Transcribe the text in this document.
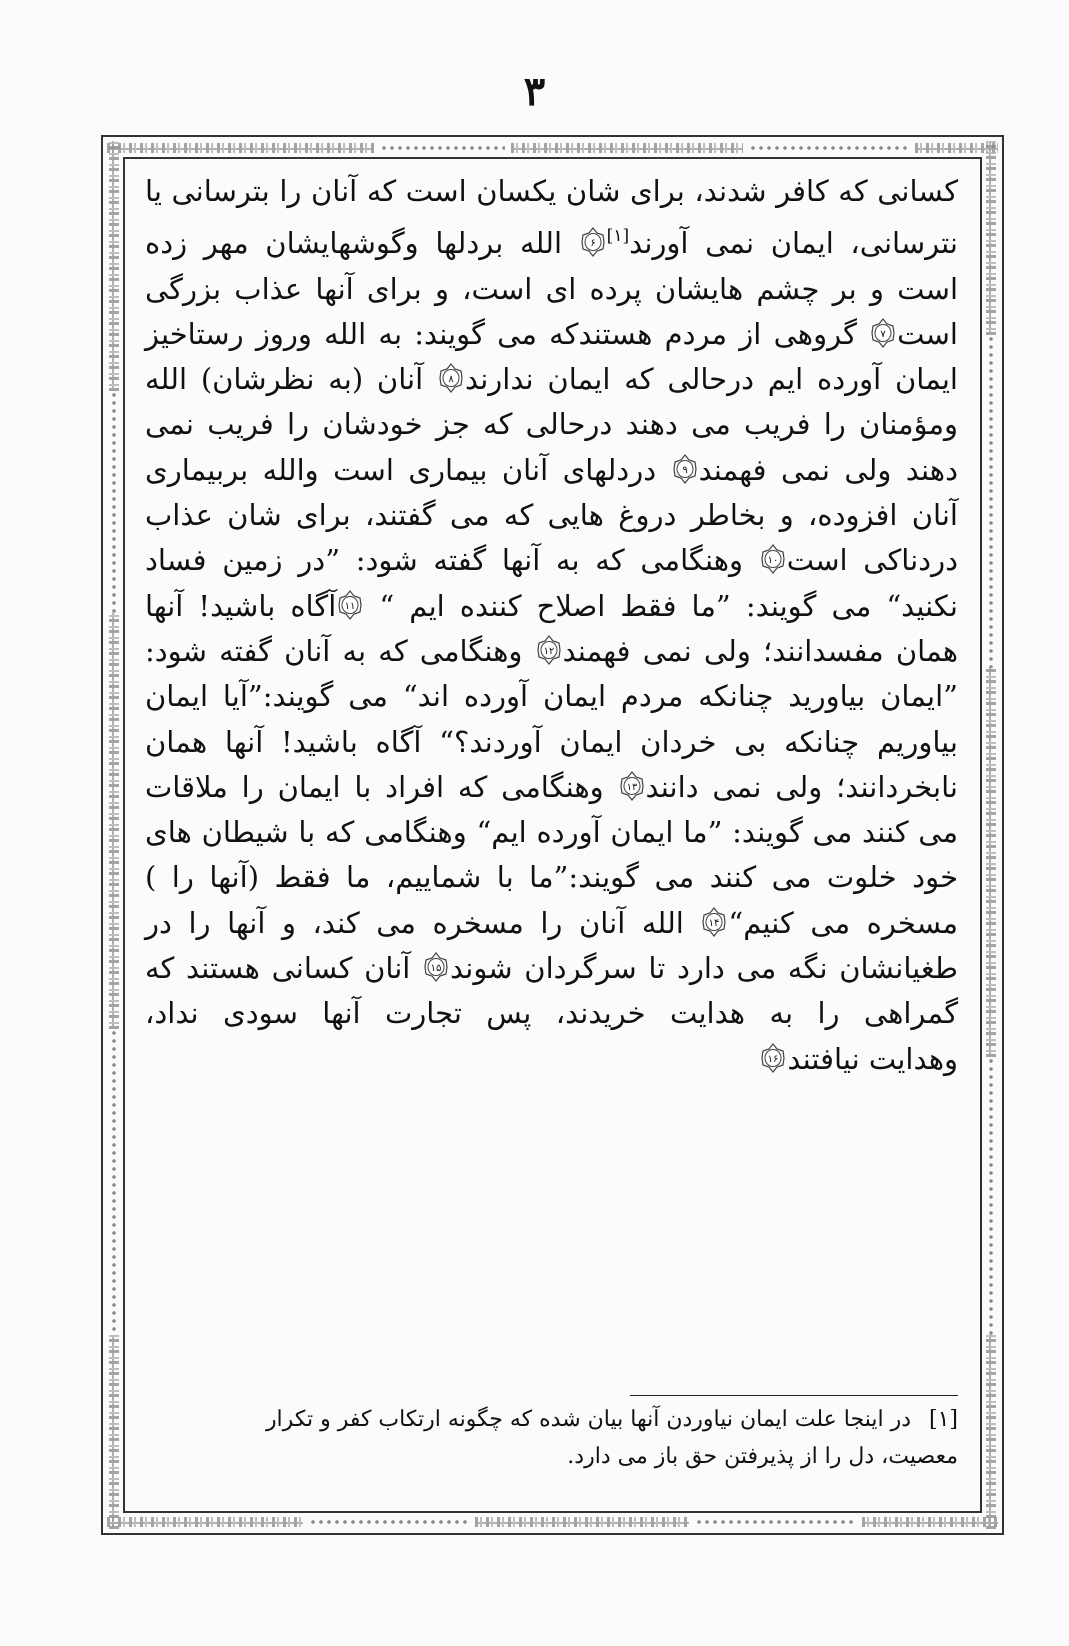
۳
کسانی که کافر شدند، برای شان یکسان است که آنان را بترسانی یا
نترسانی، ایمان نمی آورند[۱]
۶
الله بردلها وگوشهایشان مهر زده
است و بر چشم هایشان پرده ای است، و برای آنها عذاب بزرگی
است
۷
گروهی از مردم هستندکه می گویند: به الله وروز رستاخیز
ایمان آورده ایم درحالی که ایمان ندارند
۸
آنان (به نظرشان) الله
ومؤمنان را فریب می دهند درحالی که جز خودشان را فریب نمی
دهند ولی نمی فهمند
۹
دردلهای آنان بیماری است والله بربیماری
آنان افزوده، و بخاطر دروغ هایی که می گفتند، برای شان عذاب
دردناکی است
۱۰
وهنگامی که به آنها گفته شود: ”در زمین فساد
نکنید“ می گویند: ”ما فقط اصلاح کننده ایم “
۱۱
آگاه باشید! آنها
همان مفسدانند؛ ولی نمی فهمند
۱۲
وهنگامی که به آنان گفته شود:
”ایمان بیاورید چنانکه مردم ایمان آورده اند“ می گویند:”آیا ایمان
بیاوریم چنانکه بی خردان ایمان آوردند؟“ آگاه باشید! آنها همان
نابخردانند؛ ولی نمی دانند
۱۳
وهنگامی که افراد با ایمان را ملاقات
می کنند می گویند: ”ما ایمان آورده ایم“ وهنگامی که با شیطان های
خود خلوت می کنند می گویند:”ما با شماییم، ما فقط (آنها را )
مسخره می کنیم“
۱۴
الله آنان را مسخره می کند، و آنها را در
طغیانشان نگه می دارد تا سرگردان شوند
۱۵
آنان کسانی هستند که
گمراهی را به هدایت خریدند، پس تجارت آنها سودی نداد،
وهدایت نیافتند
۱۶
[۱]در اینجا علت ایمان نیاوردن آنها بیان شده که چگونه ارتکاب کفر و تکرار
معصیت، دل را از پذیرفتن حق باز می دارد.
